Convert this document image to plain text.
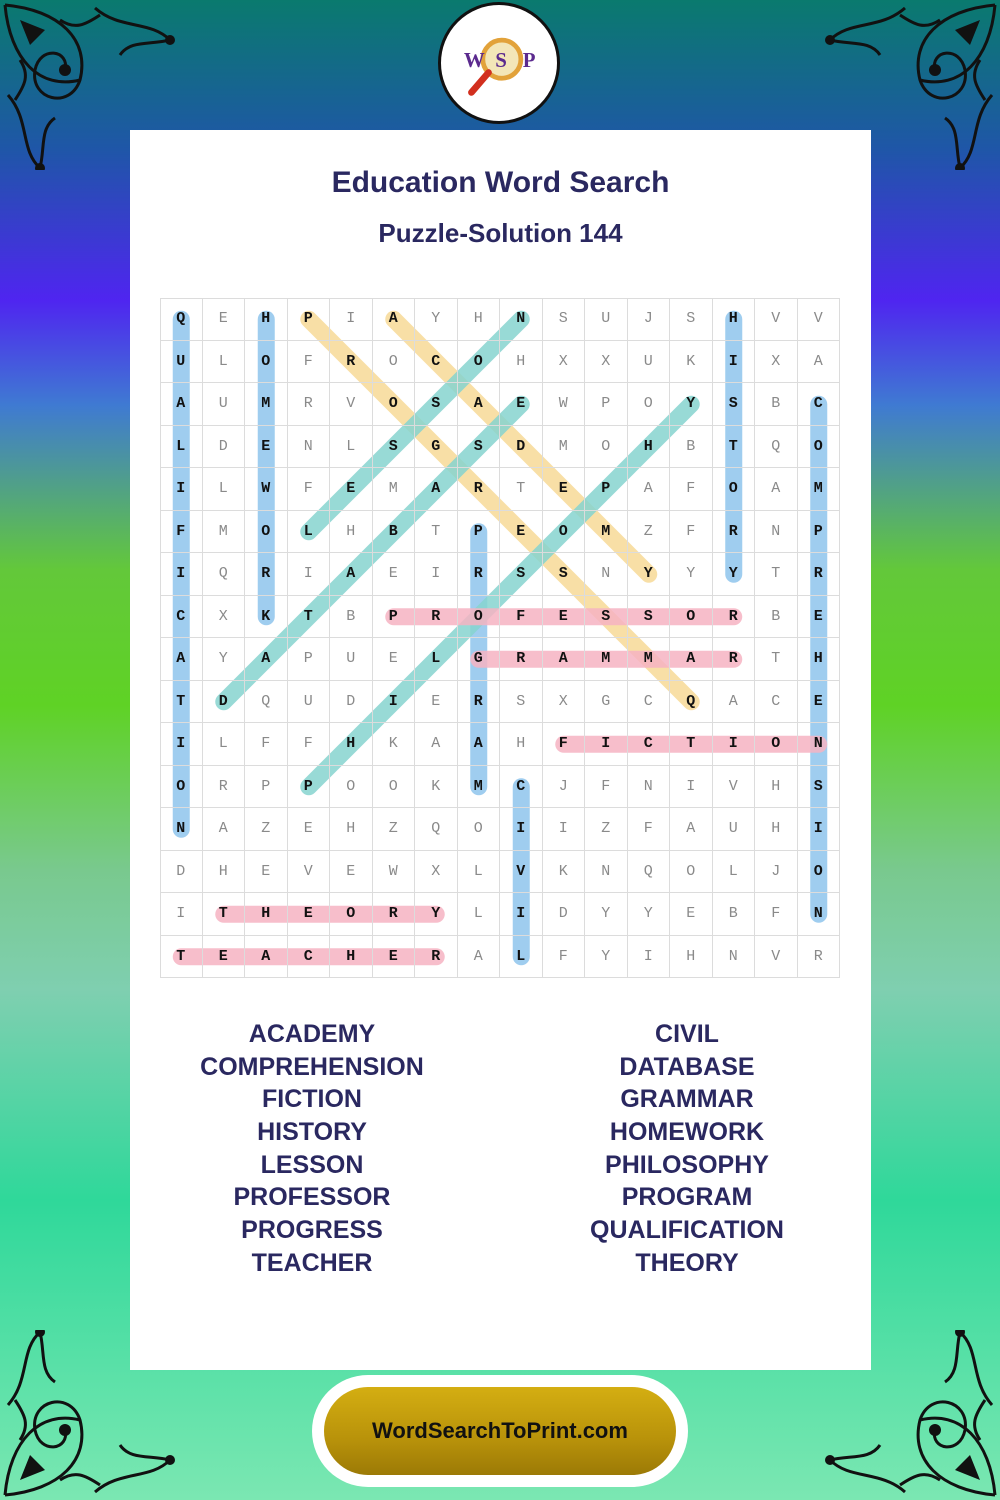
Education Word Search
Puzzle-Solution 144
W S P
Q	E	H	P	I	A	Y	H	N	S	U	J	S	H	V	V
U	L	O	F	R	O	C	O	H	X	X	U	K	I	X	A
A	U	M	R	V	O	S	A	E	W	P	O	Y	S	B	C
L	D	E	N	L	S	G	S	D	M	O	H	B	T	Q	O
I	L	W	F	E	M	A	R	T	E	P	A	F	O	A	M
F	M	O	L	H	B	T	P	E	O	M	Z	F	R	N	P
I	Q	R	I	A	E	I	R	S	S	N	Y	Y	Y	T	R
C	X	K	T	B	P	R	O	F	E	S	S	O	R	B	E
A	Y	A	P	U	E	L	G	R	A	M	M	A	R	T	H
T	D	Q	U	D	I	E	R	S	X	G	C	Q	A	C	E
I	L	F	F	H	K	A	A	H	F	I	C	T	I	O	N
O	R	P	P	O	O	K	M	C	J	F	N	I	V	H	S
N	A	Z	E	H	Z	Q	O	I	I	Z	F	A	U	H	I
D	H	E	V	E	W	X	L	V	K	N	Q	O	L	J	O
I	T	H	E	O	R	Y	L	I	D	Y	Y	E	B	F	N
T	E	A	C	H	E	R	A	L	F	Y	I	H	N	V	R
ACADEMY
COMPREHENSION
FICTION
HISTORY
LESSON
PROFESSOR
PROGRESS
TEACHER
CIVIL
DATABASE
GRAMMAR
HOMEWORK
PHILOSOPHY
PROGRAM
QUALIFICATION
THEORY
WordSearchToPrint.com
